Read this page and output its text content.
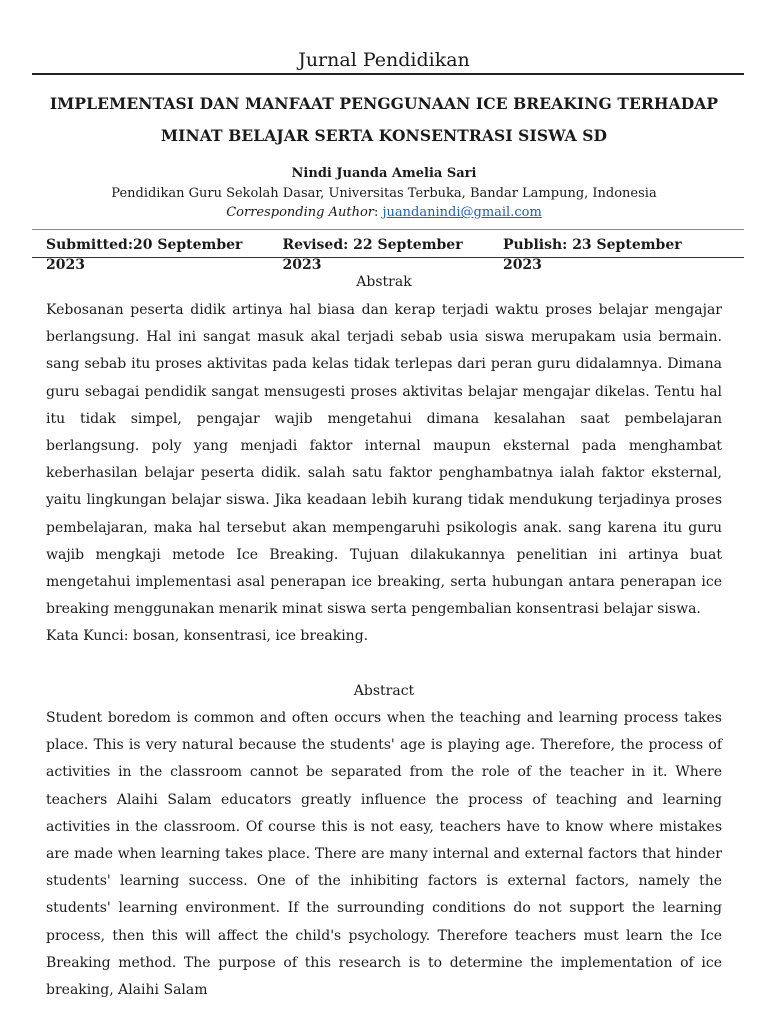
Jurnal Pendidikan
IMPLEMENTASI DAN MANFAAT PENGGUNAAN ICE BREAKING TERHADAP MINAT BELAJAR SERTA KONSENTRASI SISWA SD
Nindi Juanda Amelia Sari
Pendidikan Guru Sekolah Dasar, Universitas Terbuka, Bandar Lampung, Indonesia
Corresponding Author: juandanindi@gmail.com
Submitted:20 September 2023
Revised: 22 September 2023
Publish: 23 September 2023
Abstrak
Kebosanan peserta didik artinya hal biasa dan kerap terjadi waktu proses belajar mengajar berlangsung. Hal ini sangat masuk akal terjadi sebab usia siswa merupakam usia bermain. sang sebab itu proses aktivitas pada kelas tidak terlepas dari peran guru didalamnya. Dimana guru sebagai pendidik sangat mensugesti proses aktivitas belajar mengajar dikelas. Tentu hal itu tidak simpel, pengajar wajib mengetahui dimana kesalahan saat pembelajaran berlangsung. poly yang menjadi faktor internal maupun eksternal pada menghambat keberhasilan belajar peserta didik. salah satu faktor penghambatnya ialah faktor eksternal, yaitu lingkungan belajar siswa. Jika keadaan lebih kurang tidak mendukung terjadinya proses pembelajaran, maka hal tersebut akan mempengaruhi psikologis anak. sang karena itu guru wajib mengkaji metode Ice Breaking. Tujuan dilakukannya penelitian ini artinya buat mengetahui implementasi asal penerapan ice breaking, serta hubungan antara penerapan ice breaking menggunakan menarik minat siswa serta pengembalian konsentrasi belajar siswa.
Kata Kunci: bosan, konsentrasi, ice breaking.
Abstract
Student boredom is common and often occurs when the teaching and learning process takes place. This is very natural because the students' age is playing age. Therefore, the process of activities in the classroom cannot be separated from the role of the teacher in it. Where teachers Alaihi Salam educators greatly influence the process of teaching and learning activities in the classroom. Of course this is not easy, teachers have to know where mistakes are made when learning takes place. There are many internal and external factors that hinder students' learning success. One of the inhibiting factors is external factors, namely the students' learning environment. If the surrounding conditions do not support the learning process, then this will affect the child's psychology. Therefore teachers must learn the Ice Breaking method. The purpose of this research is to determine the implementation of ice breaking, Alaihi Salam
